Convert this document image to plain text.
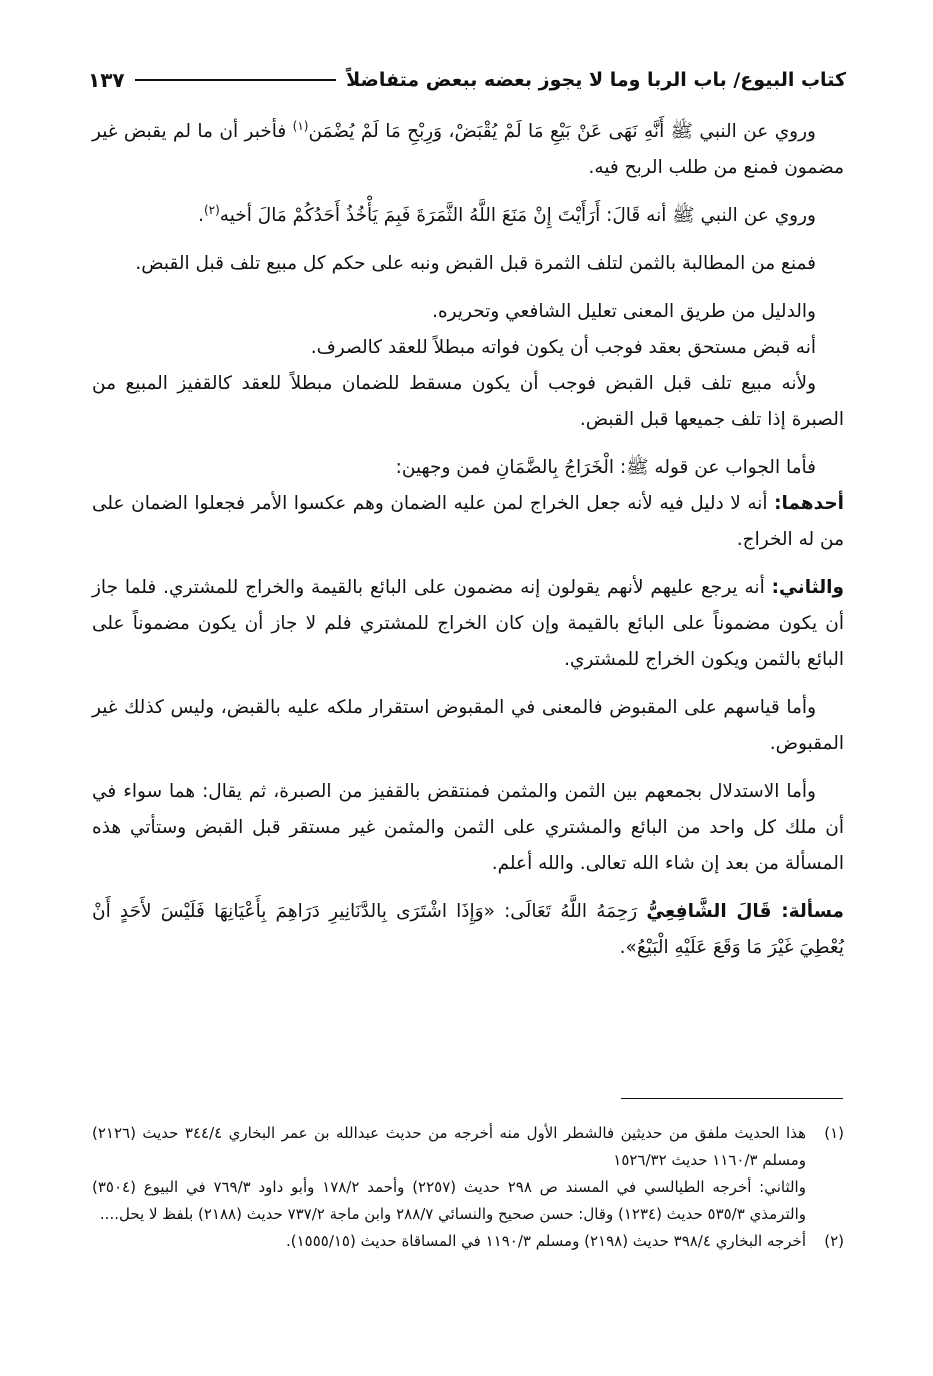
كتاب البيوع/ باب الربا وما لا يجوز بعضه ببعض متفاضلاً
١٣٧

وروي عن النبي ﷺ أَنَّهِ نَهَى عَنْ بَيْعِ مَا لَمْ يُقْبَضْ، وَرِبْحِ مَا لَمْ يُضْمَن$^{(١)}$ فأخبر أن ما لم يقبض غير مضمون فمنع من طلب الربح فيه.

وروي عن النبي ﷺ أنه قَالَ: أَرَأَيْتَ إِنْ مَنَعَ اللَّهُ الثَّمَرَةَ فَبِمَ يَأْخُذُ أَحَدُكُمْ مَالَ أخيه$^{(٢)}$.

فمنع من المطالبة بالثمن لتلف الثمرة قبل القبض ونبه على حكم كل مبيع تلف قبل القبض.

والدليل من طريق المعنى تعليل الشافعي وتحريره.

أنه قبض مستحق بعقد فوجب أن يكون فواته مبطلاً للعقد كالصرف.

ولأنه مبيع تلف قبل القبض فوجب أن يكون مسقط للضمان مبطلاً للعقد كالقفيز المبيع من الصبرة إذا تلف جميعها قبل القبض.

فأما الجواب عن قوله ﷺ: الْخَرَاجُ بِالضَّمَانِ فمن وجهين:

أحدهما: أنه لا دليل فيه لأنه جعل الخراج لمن عليه الضمان وهم عكسوا الأمر فجعلوا الضمان على من له الخراج.

والثاني: أنه يرجع عليهم لأنهم يقولون إنه مضمون على البائع بالقيمة والخراج للمشتري. فلما جاز أن يكون مضموناً على البائع بالقيمة وإن كان الخراج للمشتري فلم لا جاز أن يكون مضموناً على البائع بالثمن ويكون الخراج للمشتري.

وأما قياسهم على المقبوض فالمعنى في المقبوض استقرار ملكه عليه بالقبض، وليس كذلك غير المقبوض.

وأما الاستدلال بجمعهم بين الثمن والمثمن فمنتقض بالقفيز من الصبرة، ثم يقال: هما سواء في أن ملك كل واحد من البائع والمشتري على الثمن والمثمن غير مستقر قبل القبض وستأتي هذه المسألة من بعد إن شاء الله تعالى. والله أعلم.

مسألة: قَالَ الشَّافِعِيُّ رَحِمَهُ اللَّهُ تَعَالَى: «وَإِذَا اشْتَرَى بِالدَّنَانِيرِ دَرَاهِمَ بِأَعْيَانِهَا فَلَيْسَ لأَحَدٍ أَنْ يُعْطِيَ غَيْرَ مَا وَقَعَ عَلَيْهِ الْبَيْعُ».

(١)
هذا الحديث ملفق من حديثين فالشطر الأول منه أخرجه من حديث عبدالله بن عمر البخاري ٣٤٤/٤ حديث (٢١٢٦) ومسلم ١١٦٠/٣ حديث ١٥٢٦/٣٢
والثاني: أخرجه الطيالسي في المسند ص ٢٩٨ حديث (٢٢٥٧) وأحمد ١٧٨/٢ وأبو داود ٧٦٩/٣ في البيوع (٣٥٠٤) والترمذي ٥٣٥/٣ حديث (١٢٣٤) وقال: حسن صحيح والنسائي ٢٨٨/٧ وابن ماجة ٧٣٧/٢ حديث (٢١٨٨) بلفظ لا يحل....
(٢)
أخرجه البخاري ٣٩٨/٤ حديث (٢١٩٨) ومسلم ١١٩٠/٣ في المساقاة حديث (١٥٥٥/١٥).
